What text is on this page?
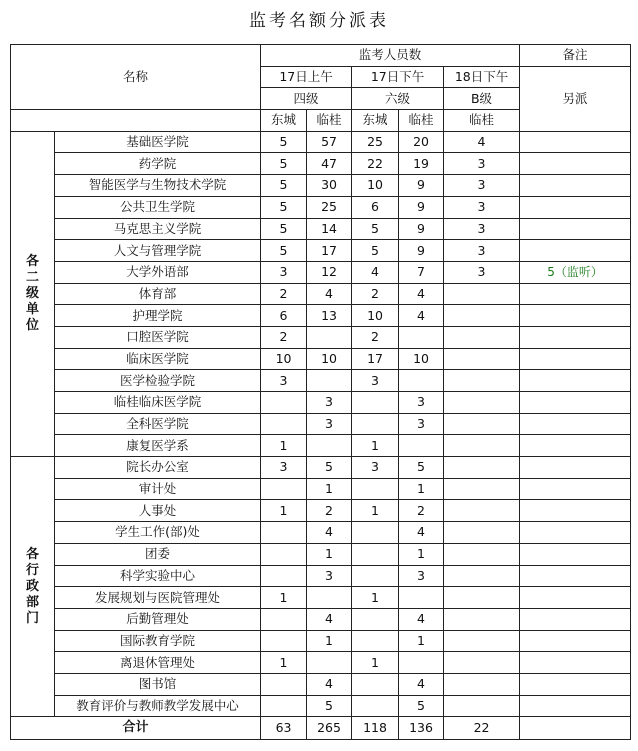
监考名额分派表
名称		监考人员数					备注
		17日上午		17日下午		18日下午	另派
		四级		六级		B级	
		东城	临桂	东城	临桂	临桂	
各二级单位	基础医学院	5	57	25	20	4	
	药学院	5	47	22	19	3	
	智能医学与生物技术学院	5	30	10	9	3	
	公共卫生学院	5	25	6	9	3	
	马克思主义学院	5	14	5	9	3	
	人文与管理学院	5	17	5	9	3	
	大学外语部	3	12	4	7	3	5（监听）
	体育部	2	4	2	4		
	护理学院	6	13	10	4		
	口腔医学院	2		2			
	临床医学院	10	10	17	10		
	医学检验学院	3		3			
	临桂临床医学院		3		3		
	全科医学院		3		3		
	康复医学系	1		1			
各行政部门	院长办公室	3	5	3	5		
	审计处		1		1		
	人事处	1	2	1	2		
	学生工作(部)处		4		4		
	团委		1		1		
	科学实验中心		3		3		
	发展规划与医院管理处	1		1			
	后勤管理处		4		4		
	国际教育学院		1		1		
	离退休管理处	1		1			
	图书馆		4		4		
	教育评价与教师教学发展中心		5		5		
合计		63	265	118	136	22	
